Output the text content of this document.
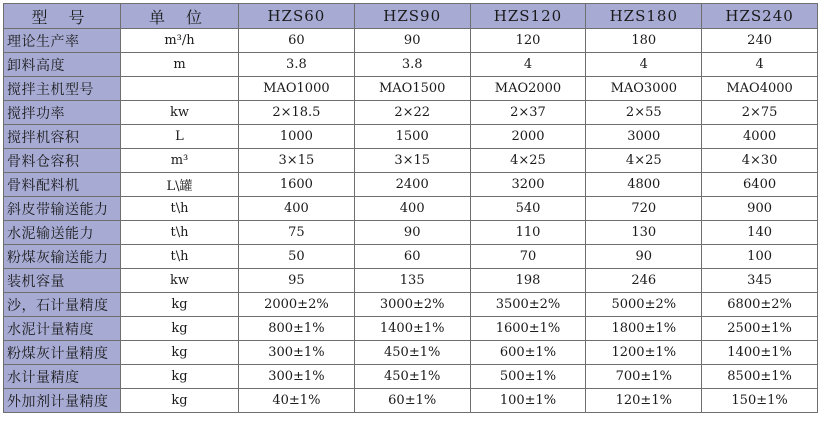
型 号	单 位	HZS60	HZS90	HZS120	HZS180	HZS240
理论生产率	m³/h	60	90	120	180	240
卸料高度	m	3.8	3.8	4	4	4
搅拌主机型号		MAO1000	MAO1500	MAO2000	MAO3000	MAO4000
搅拌功率	kw	2×18.5	2×22	2×37	2×55	2×75
搅拌机容积	L	1000	1500	2000	3000	4000
骨料仓容积	m³	3×15	3×15	4×25	4×25	4×30
骨料配料机	L\罐	1600	2400	3200	4800	6400
斜皮带输送能力	t\h	400	400	540	720	900
水泥输送能力	t\h	75	90	110	130	140
粉煤灰输送能力	t\h	50	60	70	90	100
装机容量	kw	95	135	198	246	345
沙，石计量精度	kg	2000±2%	3000±2%	3500±2%	5000±2%	6800±2%
水泥计量精度	kg	800±1%	1400±1%	1600±1%	1800±1%	2500±1%
粉煤灰计量精度	kg	300±1%	450±1%	600±1%	1200±1%	1400±1%
水计量精度	kg	300±1%	450±1%	500±1%	700±1%	8500±1%
外加剂计量精度	kg	40±1%	60±1%	100±1%	120±1%	150±1%
